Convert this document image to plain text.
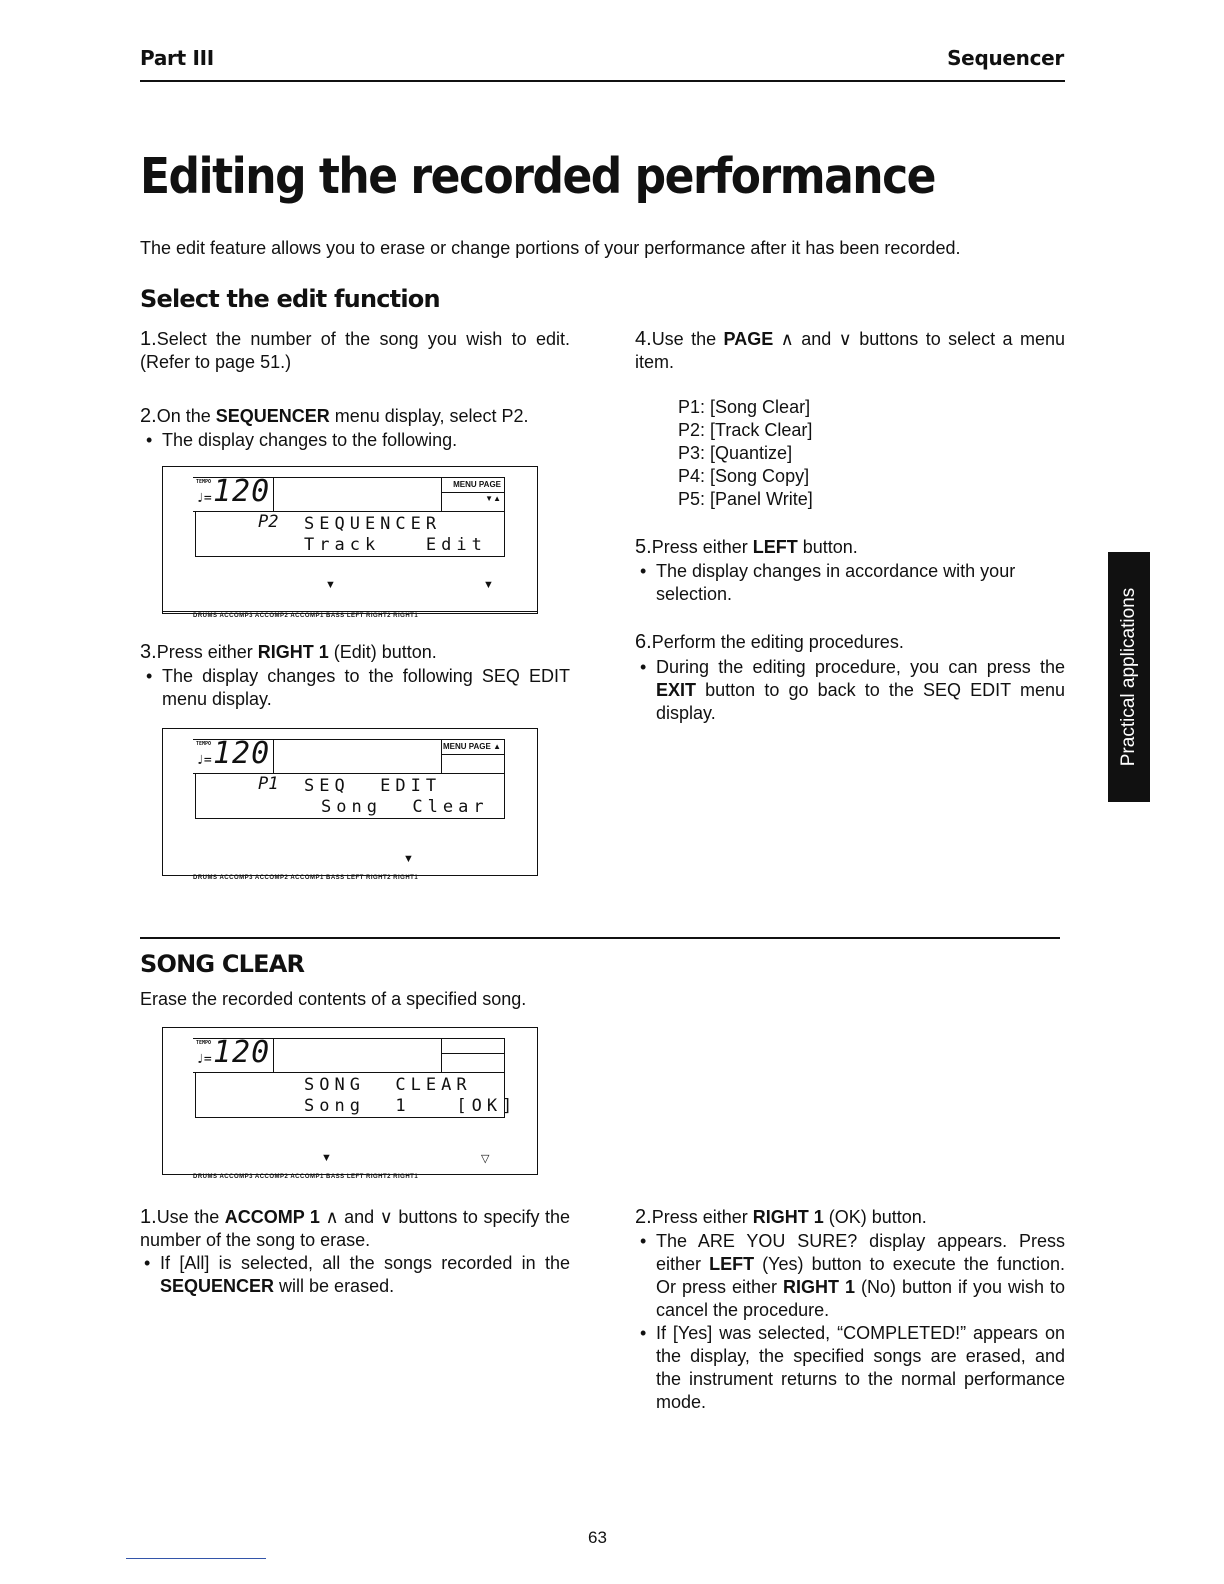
Part III	Sequencer
Editing the recorded performance

The edit feature allows you to erase or change portions of your performance after it has been recorded.

Select the edit function

1.Select the number of the song you wish to edit. (Refer to page 51.)

2.On the SEQUENCER menu display, select P2.

• The display changes to the following.

TEMPO
♩= 120	MENU PAGE ▼▲
P2 SEQUENCER
Track   Edit
▼	▼
DRUMS ACCOMP3 ACCOMP2 ACCOMP1 BASS LEFT RIGHT2 RIGHT1

3.Press either RIGHT 1 (Edit) button.

• The display changes to the following SEQ EDIT menu display.

TEMPO
♩= 120	MENU PAGE ▲
P1 SEQ  EDIT
Song  Clear
▼
DRUMS ACCOMP3 ACCOMP2 ACCOMP1 BASS LEFT RIGHT2 RIGHT1

4.Use the PAGE ∧ and ∨ buttons to select a menu item.

P1: [Song Clear]
P2: [Track Clear]
P3: [Quantize]
P4: [Song Copy]
P5: [Panel Write]

5.Press either LEFT button.

• The display changes in accordance with your selection.

6.Perform the editing procedures.

• During the editing procedure, you can press the EXIT button to go back to the SEQ EDIT menu display.	Practical applications
SONG CLEAR

Erase the recorded contents of a specified song.

TEMPO
♩= 120
SONG  CLEAR
Song  1   [OK]
▼	▽
DRUMS ACCOMP3 ACCOMP2 ACCOMP1 BASS LEFT RIGHT2 RIGHT1

1.Use the ACCOMP 1 ∧ and ∨ buttons to specify the number of the song to erase.

• If [All] is selected, all the songs recorded in the SEQUENCER will be erased.

2.Press either RIGHT 1 (OK) button.

• The ARE YOU SURE? display appears. Press either LEFT (Yes) button to execute the function. Or press either RIGHT 1 (No) button if you wish to cancel the procedure.

• If [Yes] was selected, “COMPLETED!” appears on the display, the specified songs are erased, and the instrument returns to the normal performance mode.

63
